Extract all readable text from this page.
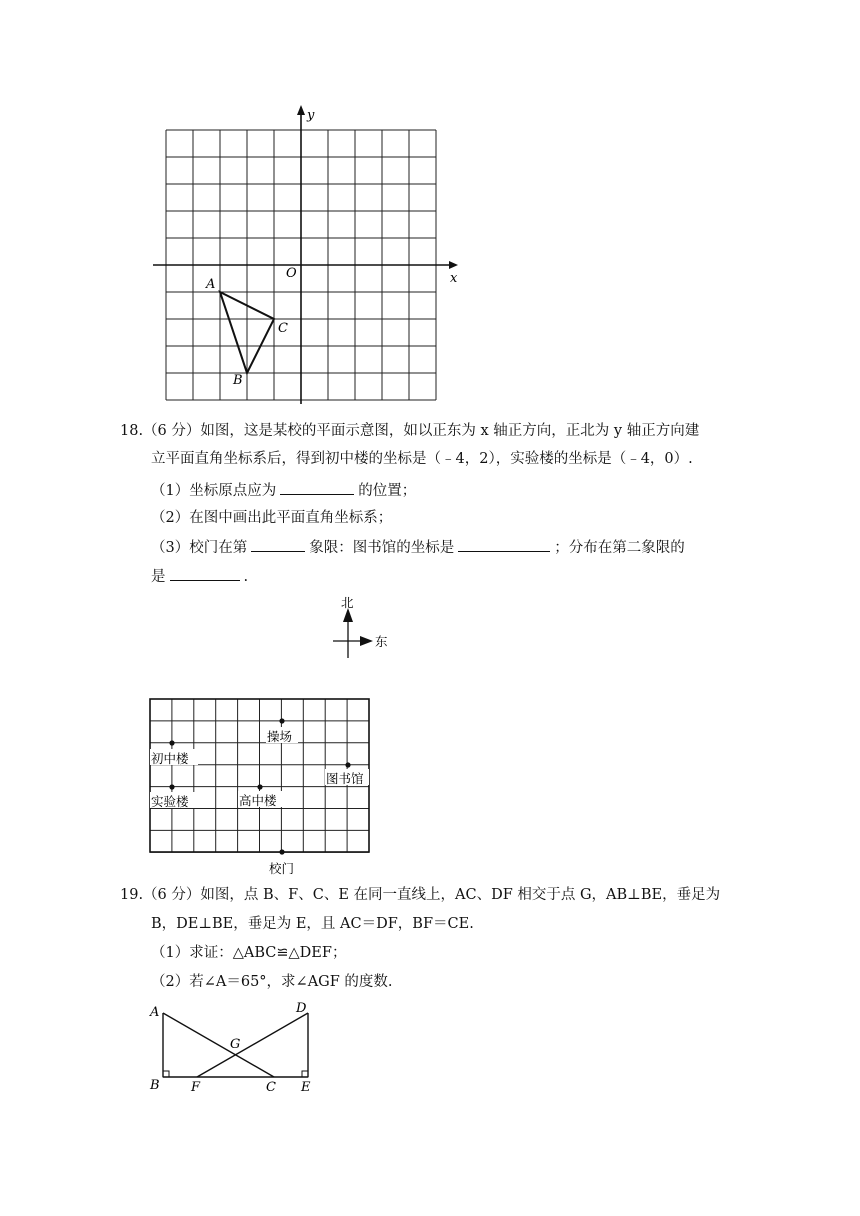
y
x
O
A
C
B
18.（6 分）如图，这是某校的平面示意图，如以正东为 x 轴正方向，正北为 y 轴正方向建
立平面直角坐标系后，得到初中楼的坐标是（﹣4，2），实验楼的坐标是（﹣4，0）.
（1）坐标原点应为	的位置；
（2）在图中画出此平面直角坐标系；
（3）校门在第	象限：图书馆的坐标是	；分布在第二象限的
是	.
北
东
操场
初中楼
图书馆
实验楼	高中楼
校门
19.（6 分）如图，点 B、F、C、E 在同一直线上，AC、DF 相交于点 G，AB⊥BE，垂足为
B，DE⊥BE，垂足为 E，且 AC＝DF，BF＝CE.
（1）求证：△ABC≌△DEF；
（2）若∠A＝65°，求∠AGF 的度数.
A	D
G
B F	C E
